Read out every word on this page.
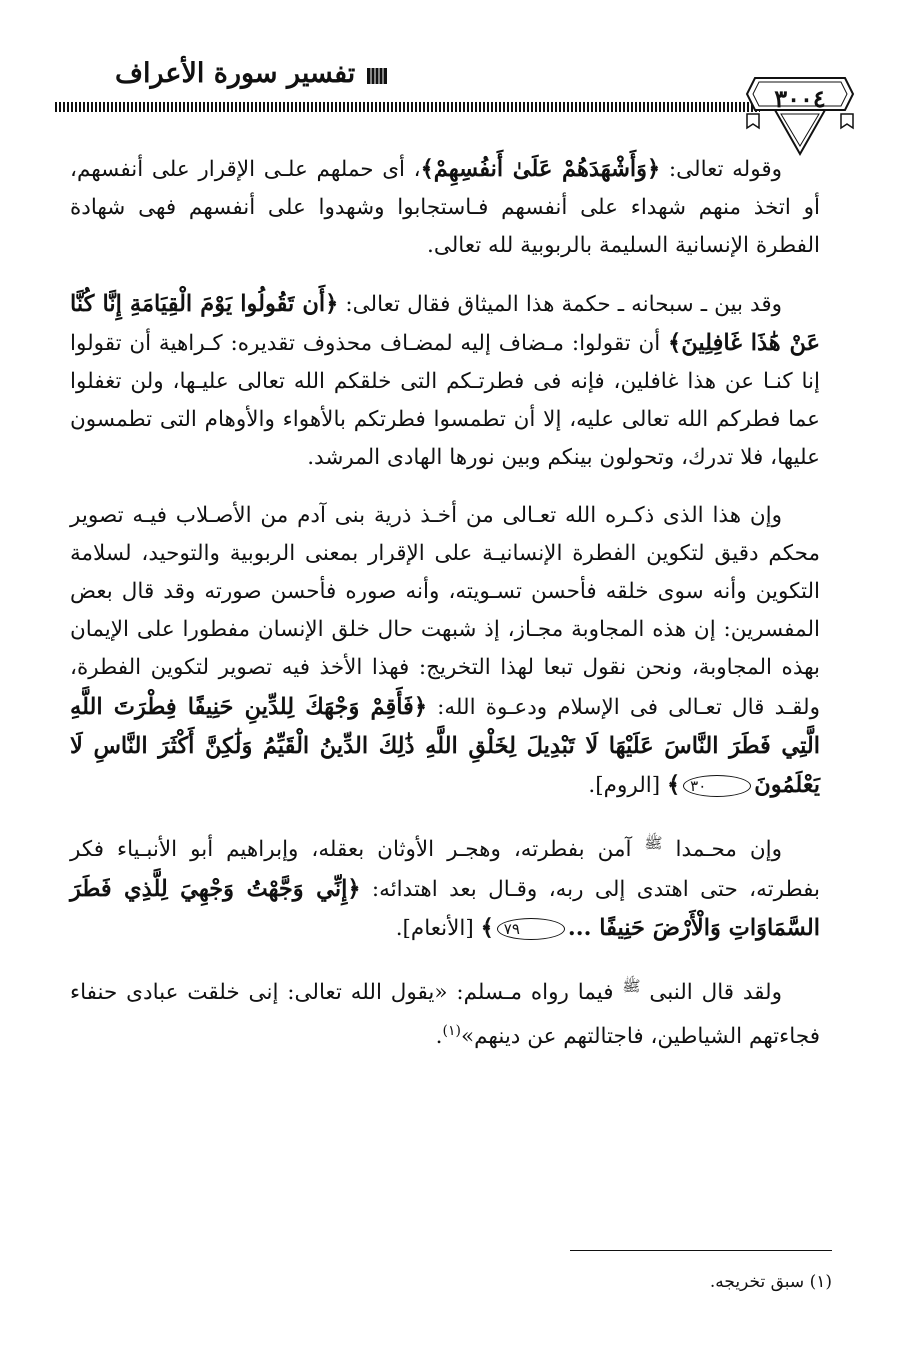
تفسير سورة الأعراف
٣٠٠٤

وقوله تعالى: ﴿وَأَشْهَدَهُمْ عَلَىٰ أَنفُسِهِمْ﴾، أى حملهم علـى الإقرار على أنفسهم، أو اتخذ منهم شهداء على أنفسهم فـاستجابوا وشهدوا على أنفسهم فهى شهادة الفطرة الإنسانية السليمة بالربوبية لله تعالى.

وقد بين ـ سبحانه ـ حكمة هذا الميثاق فقال تعالى: ﴿أَن تَقُولُوا يَوْمَ الْقِيَامَةِ إِنَّا كُنَّا عَنْ هَٰذَا غَافِلِينَ﴾ أن تقولوا: مـضاف إليه لمضـاف محذوف تقديره: كـراهية أن تقولوا إنا كنـا عن هذا غافلين، فإنه فى فطرتـكم التى خلقكم الله تعالى عليـها، ولن تغفلوا عما فطركم الله تعالى عليه، إلا أن تطمسوا فطرتكم بالأهواء والأوهام التى تطمسون عليها، فلا تدرك، وتحولون بينكم وبين نورها الهادى المرشد.

وإن هذا الذى ذكـره الله تعـالى من أخـذ ذرية بنى آدم من الأصـلاب فيـه تصوير محكم دقيق لتكوين الفطرة الإنسانيـة على الإقرار بمعنى الربوبية والتوحيد، لسلامة التكوين وأنه سوى خلقه فأحسن تسـويته، وأنه صوره فأحسن صورته وقد قال بعض المفسرين: إن هذه المجاوبة مجـاز، إذ شبهت حال خلق الإنسان مفطورا على الإيمان بهذه المجاوبة، ونحن نقول تبعا لهذا التخريج: فهذا الأخذ فيه تصوير لتكوين الفطرة، ولقـد قال تعـالى فى الإسلام ودعـوة الله: ﴿فَأَقِمْ وَجْهَكَ لِلدِّينِ حَنِيفًا فِطْرَتَ اللَّهِ الَّتِي فَطَرَ النَّاسَ عَلَيْهَا لَا تَبْدِيلَ لِخَلْقِ اللَّهِ ذَٰلِكَ الدِّينُ الْقَيِّمُ وَلَٰكِنَّ أَكْثَرَ النَّاسِ لَا يَعْلَمُونَ٣٠﴾ [الروم].

وإن محـمدا $^ﷺ$ آمن بفطرته، وهجـر الأوثان بعقله، وإبراهيم أبو الأنبـياء فكر بفطرته، حتى اهتدى إلى ربه، وقـال بعد اهتدائه: ﴿إِنِّي وَجَّهْتُ وَجْهِيَ لِلَّذِي فَطَرَ السَّمَاوَاتِ وَالْأَرْضَ حَنِيفًا ...٧٩﴾ [الأنعام].

ولقد قال النبى $^ﷺ$ فيما رواه مـسلم: «يقول الله تعالى: إنى خلقت عبادى حنفاء فجاءتهم الشياطين، فاجتالتهم عن دينهم»$^{(١)}$.

(١) سبق تخريجه.
